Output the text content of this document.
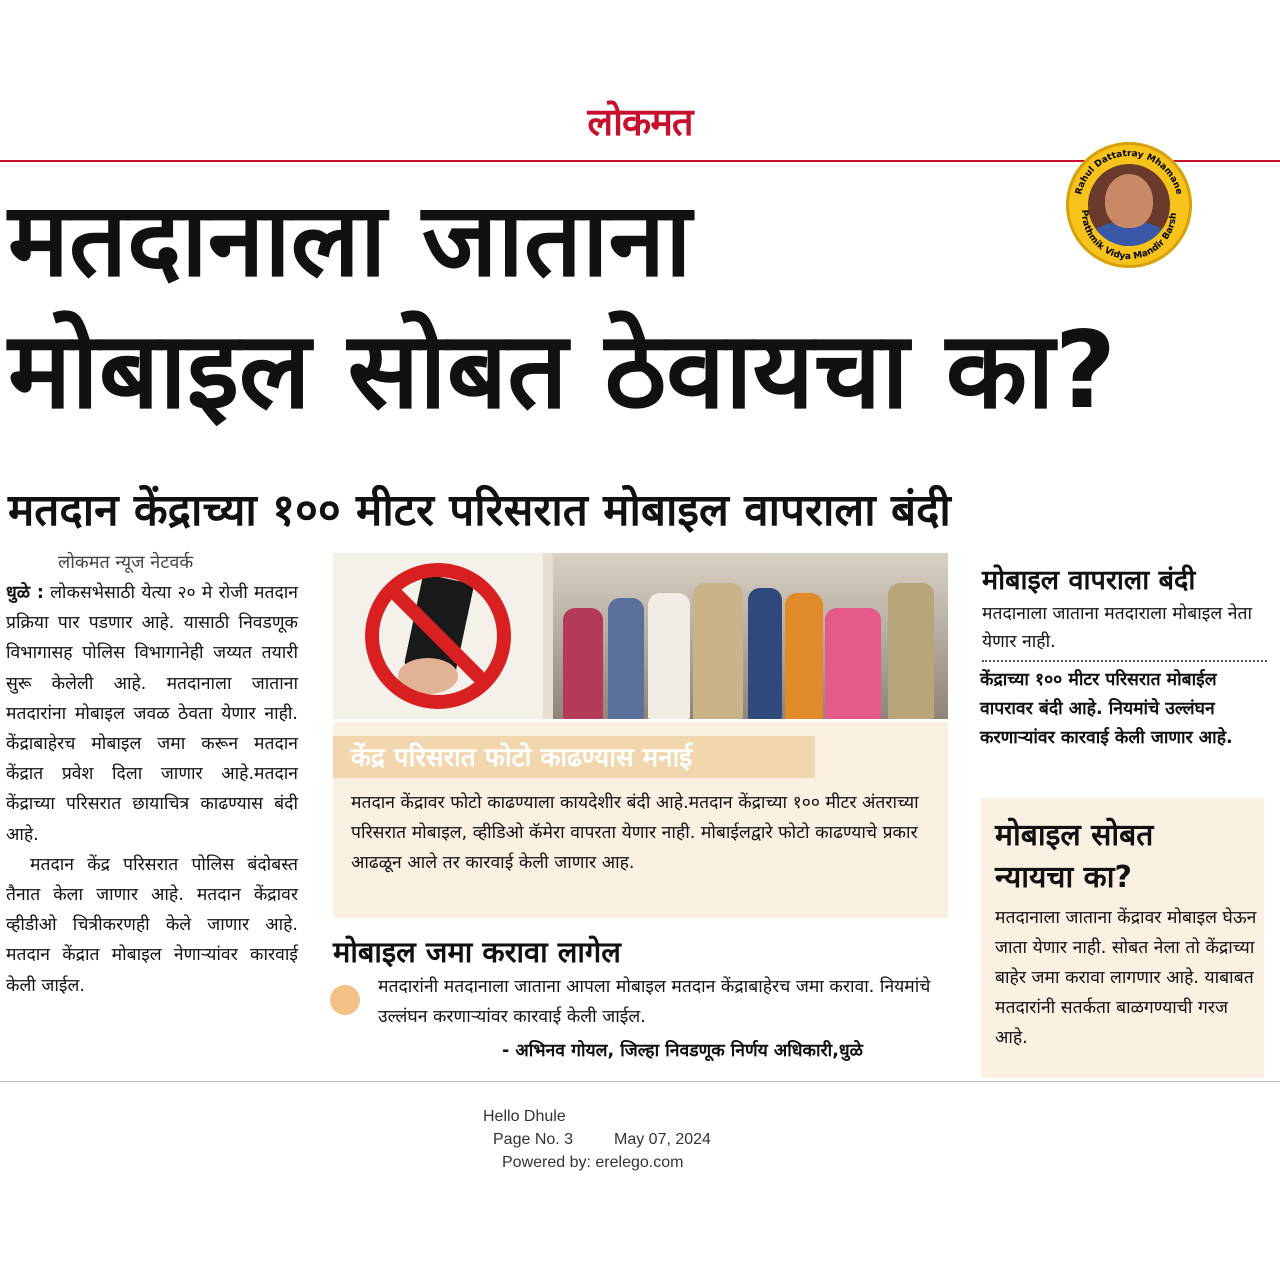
लोकमत
Rahul Dattatray Mhamane
Prathmik Vidya Mandir Barsh
मतदानाला जाताना
मोबाइल सोबत ठेवायचा का?
मतदान केंद्राच्या १०० मीटर परिसरात मोबाइल वापराला बंदी
लोकमत न्यूज नेटवर्क

धुळे : लोकसभेसाठी येत्या २० मे रोजी मतदान प्रक्रिया पार पडणार आहे. यासाठी निवडणूक विभागासह पोलिस विभागानेही जय्यत तयारी सुरू केलेली आहे. मतदानाला जाताना मतदारांना मोबाइल जवळ ठेवता येणार नाही. केंद्राबाहेरच मोबाइल जमा करून मतदान केंद्रात प्रवेश दिला जाणार आहे.मतदान केंद्राच्या परिसरात छायाचित्र काढण्यास बंदी आहे.

मतदान केंद्र परिसरात पोलिस बंदोबस्त तैनात केला जाणार आहे. मतदान केंद्रावर व्हीडीओ चित्रीकरणही केले जाणार आहे. मतदान केंद्रात मोबाइल नेणाऱ्यांवर कारवाई केली जाईल.

केंद्र परिसरात फोटो काढण्यास मनाई
मतदान केंद्रावर फोटो काढण्याला कायदेशीर बंदी आहे.मतदान केंद्राच्या १०० मीटर अंतराच्या परिसरात मोबाइल, व्हीडिओ कॅमेरा वापरता येणार नाही. मोबाईलद्वारे फोटो काढण्याचे प्रकार आढळून आले तर कारवाई केली जाणार आह.
मोबाइल जमा करावा लागेल
मतदारांनी मतदानाला जाताना आपला मोबाइल मतदान केंद्राबाहेरच जमा करावा. नियमांचे उल्लंघन करणाऱ्यांवर कारवाई केली जाईल.
- अभिनव गोयल, जिल्हा निवडणूक निर्णय अधिकारी,धुळे
मोबाइल वापराला बंदी
मतदानाला जाताना मतदाराला मोबाइल नेता येणार नाही.
केंद्राच्या १०० मीटर परिसरात मोबाईल वापरावर बंदी आहे. नियमांचे उल्लंघन करणाऱ्यांवर कारवाई केली जाणार आहे.
मोबाइल सोबत न्यायचा का?
मतदानाला जाताना केंद्रावर मोबाइल घेऊन जाता येणार नाही. सोबत नेला तो केंद्राच्या बाहेर जमा करावा लागणार आहे. याबाबत मतदारांनी सतर्कता बाळगण्याची गरज आहे.
Hello Dhule
Page No. 3	May 07, 2024
Powered by: erelego.com
